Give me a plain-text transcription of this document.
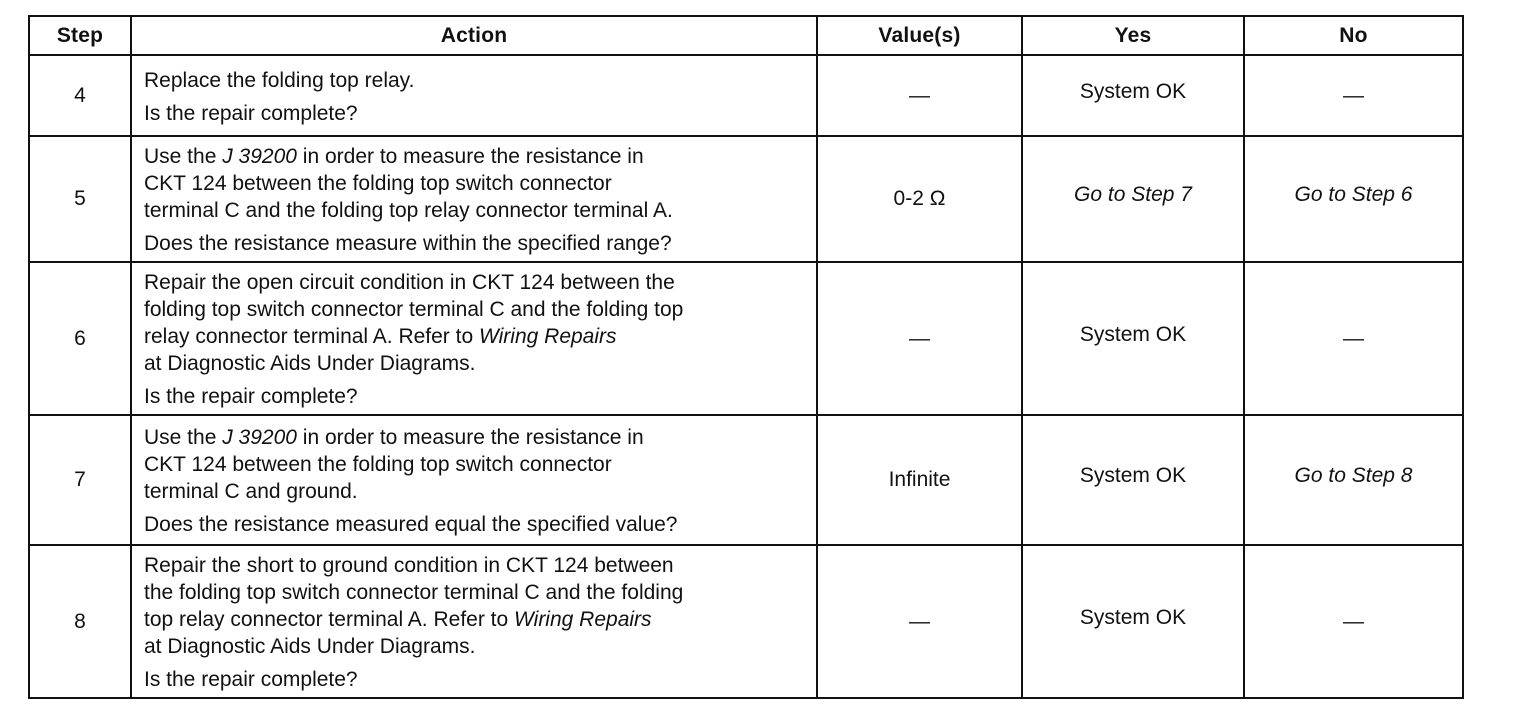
Step	Action	Value(s)	Yes	No
4	Replace the folding top relay.
Is the repair complete?	—	System OK	—
5	Use the J 39200 in order to measure the resistance in
CKT 124 between the folding top switch connector
terminal C and the folding top relay connector terminal A.
Does the resistance measure within the specified range?	0-2 Ω	Go to Step 7	Go to Step 6
6	Repair the open circuit condition in CKT 124 between the
folding top switch connector terminal C and the folding top
relay connector terminal A. Refer to Wiring Repairs
at Diagnostic Aids Under Diagrams.
Is the repair complete?	—	System OK	—
7	Use the J 39200 in order to measure the resistance in
CKT 124 between the folding top switch connector
terminal C and ground.
Does the resistance measured equal the specified value?	Infinite	System OK	Go to Step 8
8	Repair the short to ground condition in CKT 124 between
the folding top switch connector terminal C and the folding
top relay connector terminal A. Refer to Wiring Repairs
at Diagnostic Aids Under Diagrams.
Is the repair complete?	—	System OK	—
